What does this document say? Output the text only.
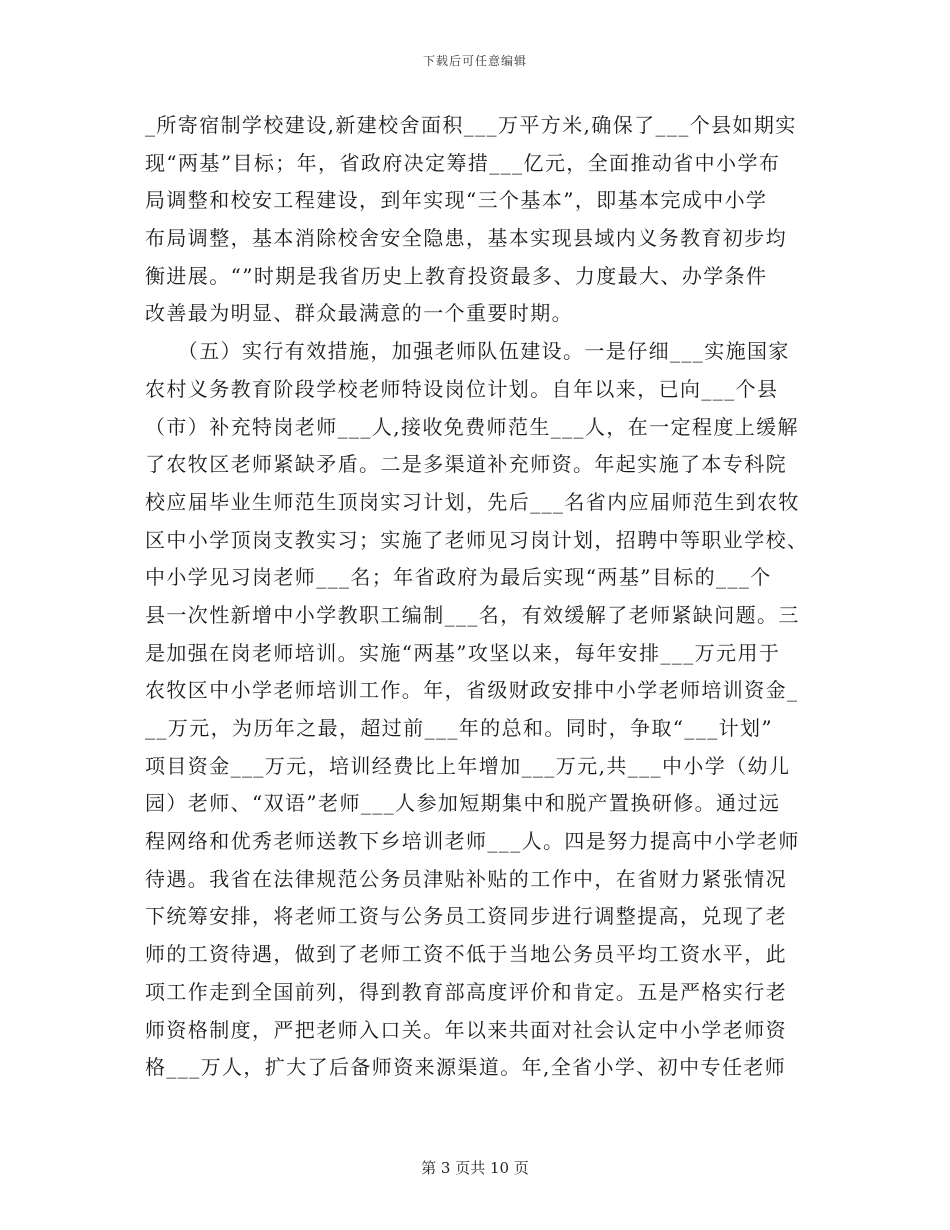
下载后可任意编辑
_所寄宿制学校建设,新建校舍面积___万平方米,确保了___个县如期实
现“两基”目标；年，省政府决定筹措___亿元，全面推动省中小学布
局调整和校安工程建设，到年实现“三个基本”，即基本完成中小学
布局调整，基本消除校舍安全隐患，基本实现县域内义务教育初步均
衡进展。“”时期是我省历史上教育投资最多、力度最大、办学条件
改善最为明显、群众最满意的一个重要时期。
　　（五）实行有效措施，加强老师队伍建设。一是仔细___实施国家
农村义务教育阶段学校老师特设岗位计划。自年以来，已向___个县
（市）补充特岗老师___人,接收免费师范生___人，在一定程度上缓解
了农牧区老师紧缺矛盾。二是多渠道补充师资。年起实施了本专科院
校应届毕业生师范生顶岗实习计划，先后___名省内应届师范生到农牧
区中小学顶岗支教实习；实施了老师见习岗计划，招聘中等职业学校、
中小学见习岗老师___名；年省政府为最后实现“两基”目标的___个
县一次性新增中小学教职工编制___名，有效缓解了老师紧缺问题。三
是加强在岗老师培训。实施“两基”攻坚以来，每年安排___万元用于
农牧区中小学老师培训工作。年，省级财政安排中小学老师培训资金_
__万元，为历年之最，超过前___年的总和。同时，争取“___计划”
项目资金___万元，培训经费比上年增加___万元,共___中小学（幼儿
园）老师、“双语”老师___人参加短期集中和脱产置换研修。通过远
程网络和优秀老师送教下乡培训老师___人。四是努力提高中小学老师
待遇。我省在法律规范公务员津贴补贴的工作中，在省财力紧张情况
下统筹安排，将老师工资与公务员工资同步进行调整提高，兑现了老
师的工资待遇，做到了老师工资不低于当地公务员平均工资水平，此
项工作走到全国前列，得到教育部高度评价和肯定。五是严格实行老
师资格制度，严把老师入口关。年以来共面对社会认定中小学老师资
格___万人，扩大了后备师资来源渠道。年,全省小学、初中专任老师
第 3 页共 10 页
